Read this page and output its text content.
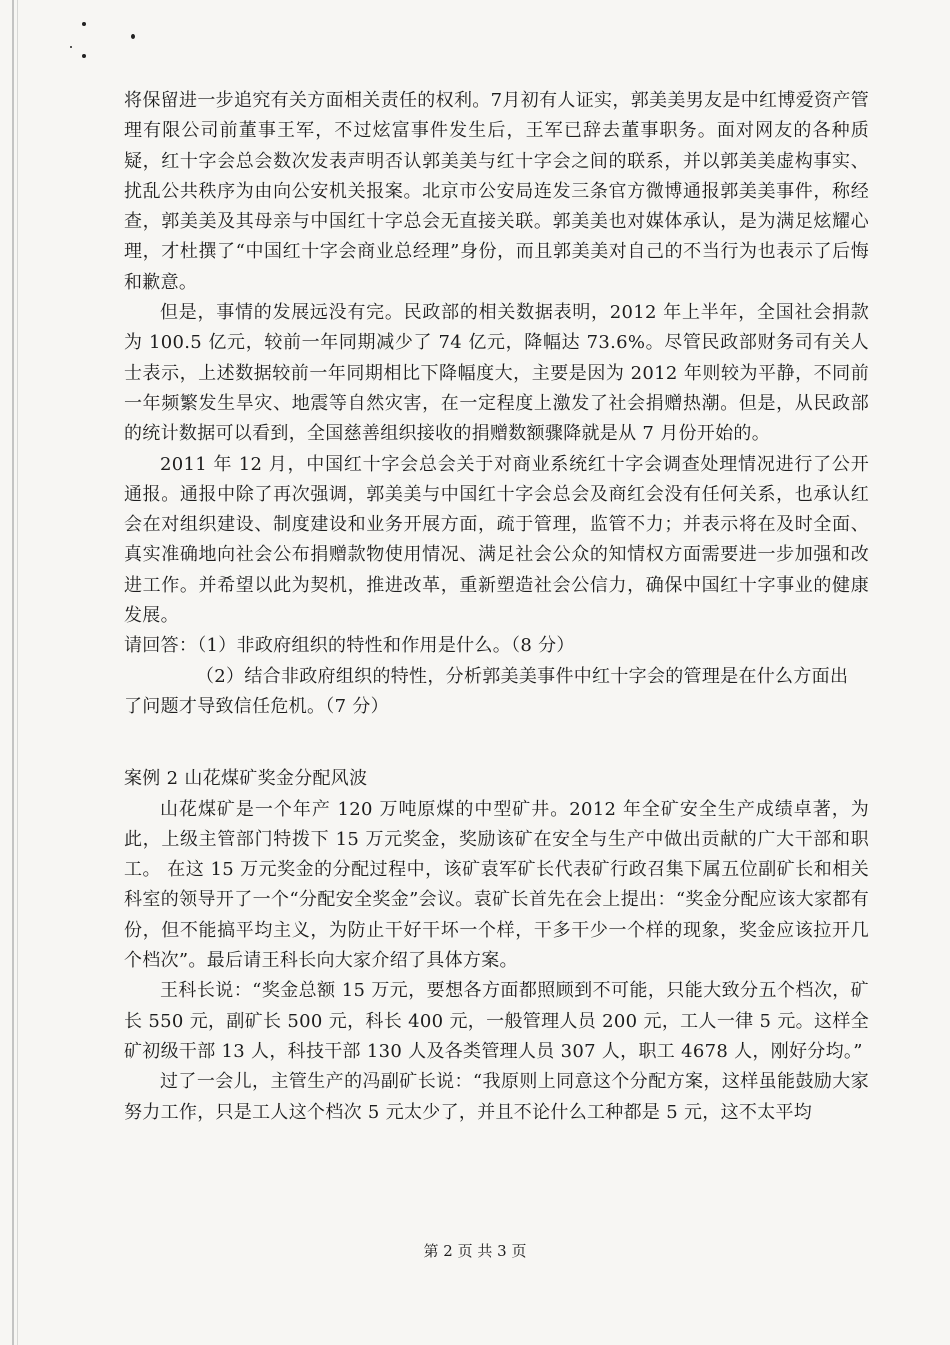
将保留进一步追究有关方面相关责任的权利。7月初有人证实，郭美美男友是中红博爱资产管理有限公司前董事王军，不过炫富事件发生后，王军已辞去董事职务。面对网友的各种质疑，红十字会总会数次发表声明否认郭美美与红十字会之间的联系，并以郭美美虚构事实、扰乱公共秩序为由向公安机关报案。北京市公安局连发三条官方微博通报郭美美事件，称经查，郭美美及其母亲与中国红十字总会无直接关联。郭美美也对媒体承认，是为满足炫耀心理，才杜撰了“中国红十字会商业总经理”身份，而且郭美美对自己的不当行为也表示了后悔和歉意。

但是，事情的发展远没有完。民政部的相关数据表明，2012 年上半年，全国社会捐款为 100.5 亿元，较前一年同期减少了 74 亿元，降幅达 73.6%。尽管民政部财务司有关人士表示，上述数据较前一年同期相比下降幅度大，主要是因为 2012 年则较为平静，不同前一年频繁发生旱灾、地震等自然灾害，在一定程度上激发了社会捐赠热潮。但是，从民政部的统计数据可以看到，全国慈善组织接收的捐赠数额骤降就是从 7 月份开始的。

2011 年 12 月，中国红十字会总会关于对商业系统红十字会调查处理情况进行了公开通报。通报中除了再次强调，郭美美与中国红十字会总会及商红会没有任何关系，也承认红会在对组织建设、制度建设和业务开展方面，疏于管理，监管不力；并表示将在及时全面、真实准确地向社会公布捐赠款物使用情况、满足社会公众的知情权方面需要进一步加强和改进工作。并希望以此为契机，推进改革，重新塑造社会公信力，确保中国红十字事业的健康发展。

请回答：（1）非政府组织的特性和作用是什么。（8 分）

（2）结合非政府组织的特性，分析郭美美事件中红十字会的管理是在什么方面出

了问题才导致信任危机。（7 分）

案例 2 山花煤矿奖金分配风波

山花煤矿是一个年产 120 万吨原煤的中型矿井。2012 年全矿安全生产成绩卓著，为此，上级主管部门特拨下 15 万元奖金，奖励该矿在安全与生产中做出贡献的广大干部和职工。 在这 15 万元奖金的分配过程中，该矿袁军矿长代表矿行政召集下属五位副矿长和相关科室的领导开了一个“分配安全奖金”会议。袁矿长首先在会上提出：“奖金分配应该大家都有份，但不能搞平均主义，为防止干好干坏一个样，干多干少一个样的现象，奖金应该拉开几个档次”。最后请王科长向大家介绍了具体方案。

王科长说：“奖金总额 15 万元，要想各方面都照顾到不可能，只能大致分五个档次，矿长 550 元，副矿长 500 元，科长 400 元，一般管理人员 200 元，工人一律 5 元。这样全矿初级干部 13 人，科技干部 130 人及各类管理人员 307 人，职工 4678 人，刚好分均。”

过了一会儿，主管生产的冯副矿长说：“我原则上同意这个分配方案，这样虽能鼓励大家努力工作，只是工人这个档次 5 元太少了，并且不论什么工种都是 5 元，这不太平均

第 2 页 共 3 页
